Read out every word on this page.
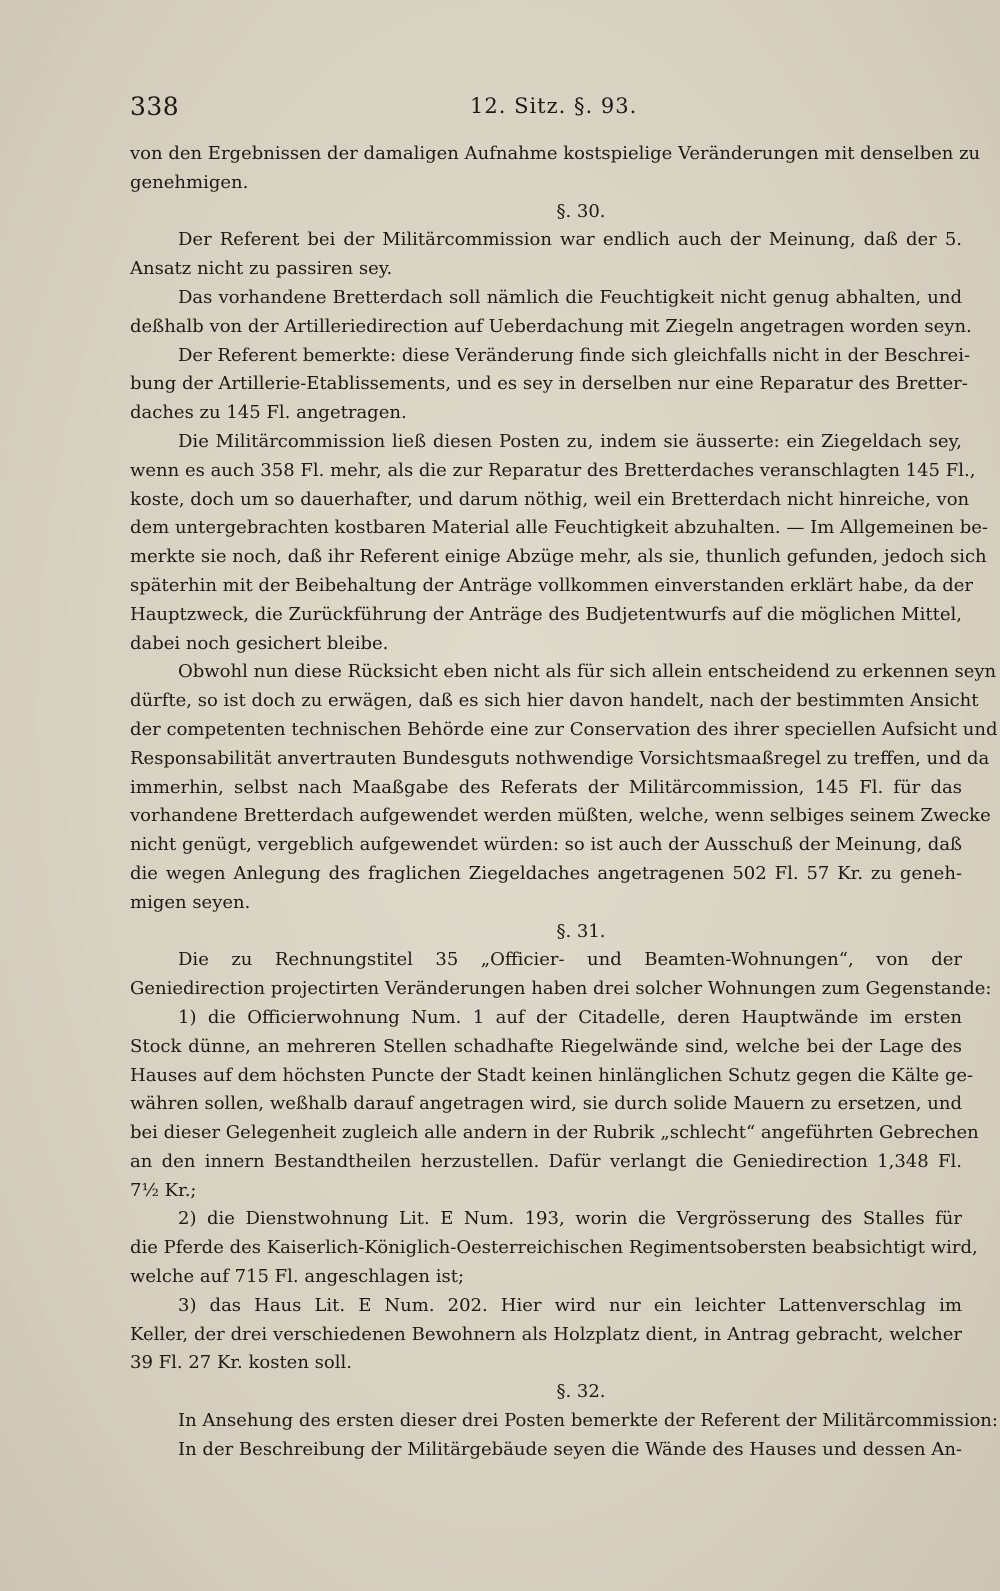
338	12. Sitz. §. 93.
von den Ergebnissen der damaligen Aufnahme kostspielige Veränderungen mit denselben zu
genehmigen.
§. 30.
Der Referent bei der Militärcommission war endlich auch der Meinung, daß der 5.
Ansatz nicht zu passiren sey.
Das vorhandene Bretterdach soll nämlich die Feuchtigkeit nicht genug abhalten, und
deßhalb von der Artilleriedirection auf Ueberdachung mit Ziegeln angetragen worden seyn.
Der Referent bemerkte: diese Veränderung finde sich gleichfalls nicht in der Beschrei-
bung der Artillerie-Etablissements, und es sey in derselben nur eine Reparatur des Bretter-
daches zu 145 Fl. angetragen.
Die Militärcommission ließ diesen Posten zu, indem sie äusserte: ein Ziegeldach sey,
wenn es auch 358 Fl. mehr, als die zur Reparatur des Bretterdaches veranschlagten 145 Fl.,
koste, doch um so dauerhafter, und darum nöthig, weil ein Bretterdach nicht hinreiche, von
dem untergebrachten kostbaren Material alle Feuchtigkeit abzuhalten. — Im Allgemeinen be-
merkte sie noch, daß ihr Referent einige Abzüge mehr, als sie, thunlich gefunden, jedoch sich
späterhin mit der Beibehaltung der Anträge vollkommen einverstanden erklärt habe, da der
Hauptzweck, die Zurückführung der Anträge des Budjetentwurfs auf die möglichen Mittel,
dabei noch gesichert bleibe.
Obwohl nun diese Rücksicht eben nicht als für sich allein entscheidend zu erkennen seyn
dürfte, so ist doch zu erwägen, daß es sich hier davon handelt, nach der bestimmten Ansicht
der competenten technischen Behörde eine zur Conservation des ihrer speciellen Aufsicht und
Responsabilität anvertrauten Bundesguts nothwendige Vorsichtsmaaßregel zu treffen, und da
immerhin, selbst nach Maaßgabe des Referats der Militärcommission, 145 Fl. für das
vorhandene Bretterdach aufgewendet werden müßten, welche, wenn selbiges seinem Zwecke
nicht genügt, vergeblich aufgewendet würden: so ist auch der Ausschuß der Meinung, daß
die wegen Anlegung des fraglichen Ziegeldaches angetragenen 502 Fl. 57 Kr. zu geneh-
migen seyen.
§. 31.
Die zu Rechnungstitel 35 „Officier- und Beamten-Wohnungen“, von der
Geniedirection projectirten Veränderungen haben drei solcher Wohnungen zum Gegenstande:
1) die Officierwohnung Num. 1 auf der Citadelle, deren Hauptwände im ersten
Stock dünne, an mehreren Stellen schadhafte Riegelwände sind, welche bei der Lage des
Hauses auf dem höchsten Puncte der Stadt keinen hinlänglichen Schutz gegen die Kälte ge-
währen sollen, weßhalb darauf angetragen wird, sie durch solide Mauern zu ersetzen, und
bei dieser Gelegenheit zugleich alle andern in der Rubrik „schlecht“ angeführten Gebrechen
an den innern Bestandtheilen herzustellen. Dafür verlangt die Geniedirection 1,348 Fl.
7½ Kr.;
2) die Dienstwohnung Lit. E Num. 193, worin die Vergrösserung des Stalles für
die Pferde des Kaiserlich-Königlich-Oesterreichischen Regimentsobersten beabsichtigt wird,
welche auf 715 Fl. angeschlagen ist;
3) das Haus Lit. E Num. 202. Hier wird nur ein leichter Lattenverschlag im
Keller, der drei verschiedenen Bewohnern als Holzplatz dient, in Antrag gebracht, welcher
39 Fl. 27 Kr. kosten soll.
§. 32.
In Ansehung des ersten dieser drei Posten bemerkte der Referent der Militärcommission:
In der Beschreibung der Militärgebäude seyen die Wände des Hauses und dessen An-
